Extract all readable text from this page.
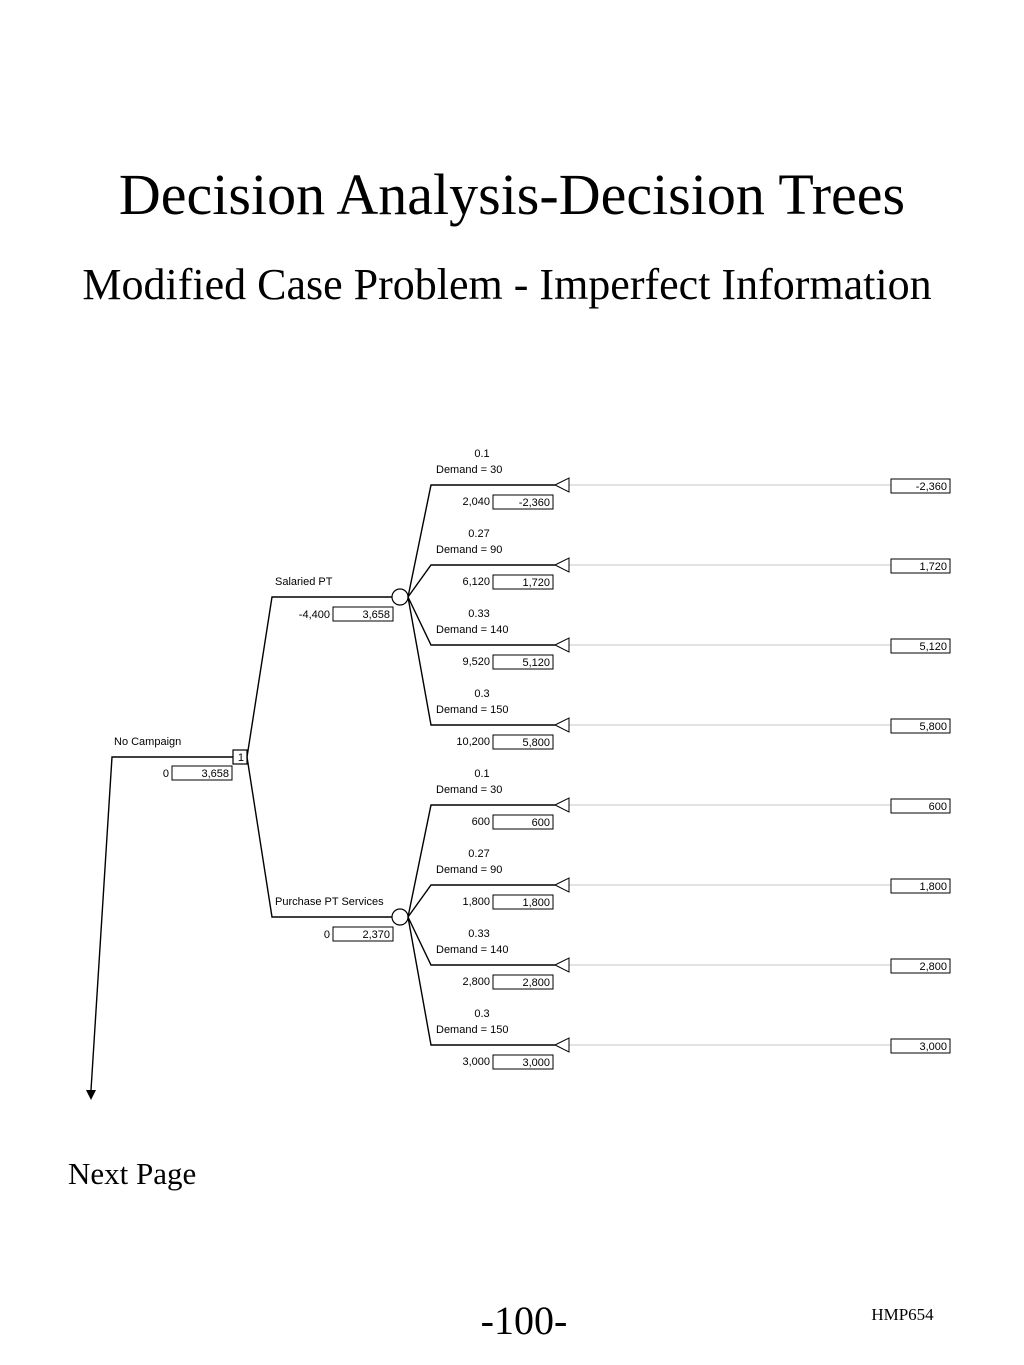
Decision Analysis-Decision Trees
Modified Case Problem - Imperfect Information
No Campaign
0	3,658
1
Salaried PT
-4,400	3,658
0.1
Demand = 30
2,040	-2,360
-2,360
0.27
Demand = 90
6,120	1,720
1,720
0.33
Demand = 140
9,520	5,120
5,120
0.3
Demand = 150
10,200	5,800
5,800
Purchase PT Services
0	2,370
0.1
Demand = 30
600	600
600
0.27
Demand = 90
1,800	1,800
1,800
0.33
Demand = 140
2,800	2,800
2,800
0.3
Demand = 150
3,000	3,000
3,000
Next Page
-100-	HMP654
